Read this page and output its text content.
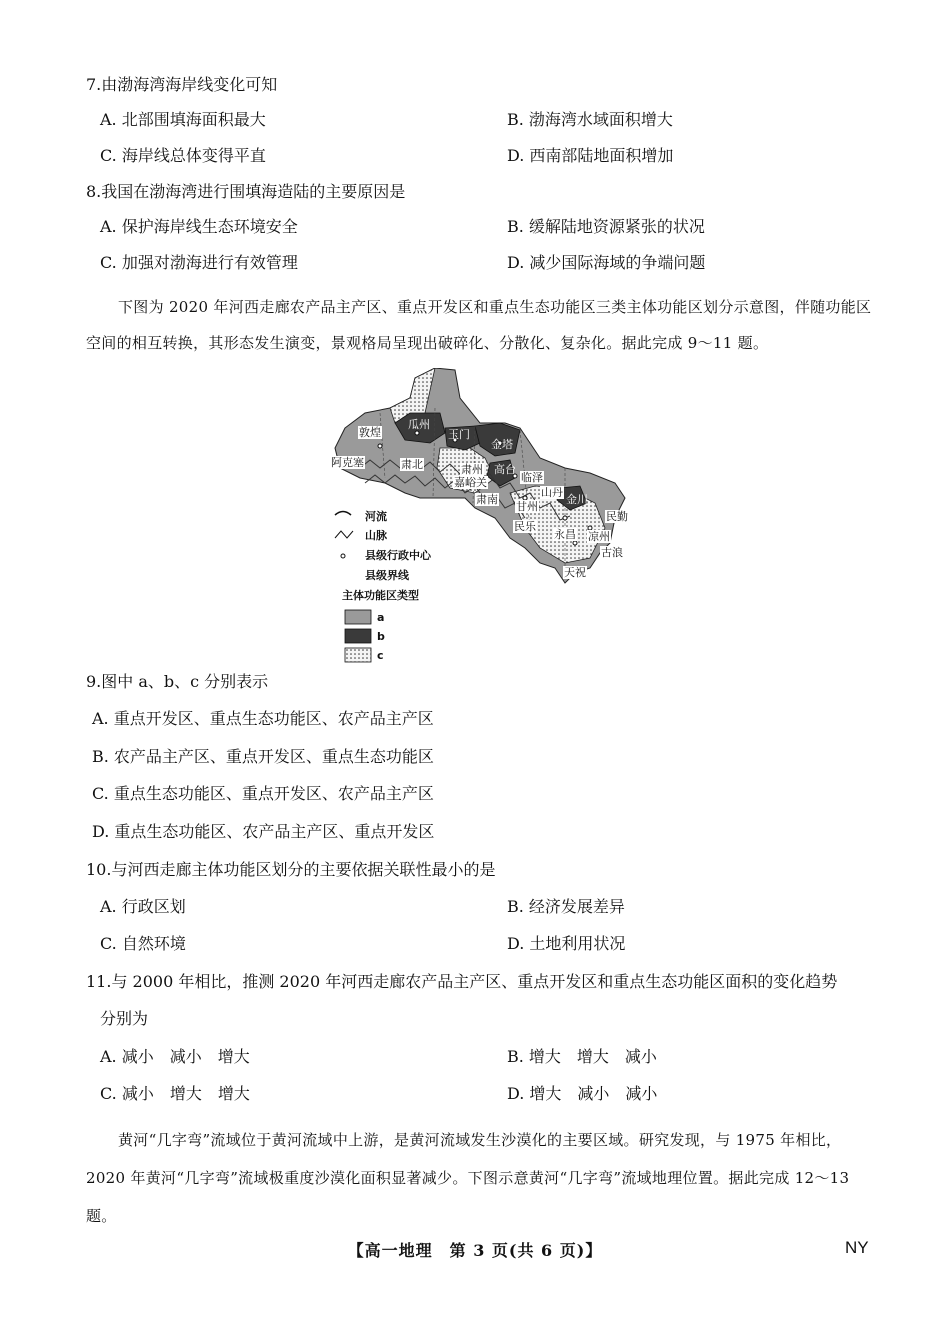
7.由渤海湾海岸线变化可知
A. 北部围填海面积最大	B. 渤海湾水域面积增大
C. 海岸线总体变得平直	D. 西南部陆地面积增加
8.我国在渤海湾进行围填海造陆的主要原因是
A. 保护海岸线生态环境安全	B. 缓解陆地资源紧张的状况
C. 加强对渤海进行有效管理	D. 减少国际海域的争端问题
下图为 2020 年河西走廊农产品主产区、重点开发区和重点生态功能区三类主体功能区划分示意图，伴随功能区空间的相互转换，其形态发生演变，景观格局呈现出破碎化、分散化、复杂化。据此完成 9～11 题。
敦煌
瓜州
玉门
金塔
阿克塞	肃北	肃州 高台
临泽
嘉峪关
肃南
山丹
甘州
金川
民勤
民乐
永昌 凉州
古浪
天祝
河流
山脉
县级行政中心
县级界线
主体功能区类型
a
b
c
9.图中 a、b、c 分别表示
A. 重点开发区、重点生态功能区、农产品主产区
B. 农产品主产区、重点开发区、重点生态功能区
C. 重点生态功能区、重点开发区、农产品主产区
D. 重点生态功能区、农产品主产区、重点开发区
10.与河西走廊主体功能区划分的主要依据关联性最小的是
A. 行政区划	B. 经济发展差异
C. 自然环境	D. 土地利用状况
11.与 2000 年相比，推测 2020 年河西走廊农产品主产区、重点开发区和重点生态功能区面积的变化趋势
分别为
A. 减小　减小　增大	B. 增大　增大　减小
C. 减小　增大　增大	D. 增大　减小　减小
黄河“几字弯”流域位于黄河流域中上游，是黄河流域发生沙漠化的主要区域。研究发现，与 1975 年相比，2020 年黄河“几字弯”流域极重度沙漠化面积显著减少。下图示意黄河“几字弯”流域地理位置。据此完成 12～13 题。
【高一地理　第 3 页(共 6 页)】	NY
